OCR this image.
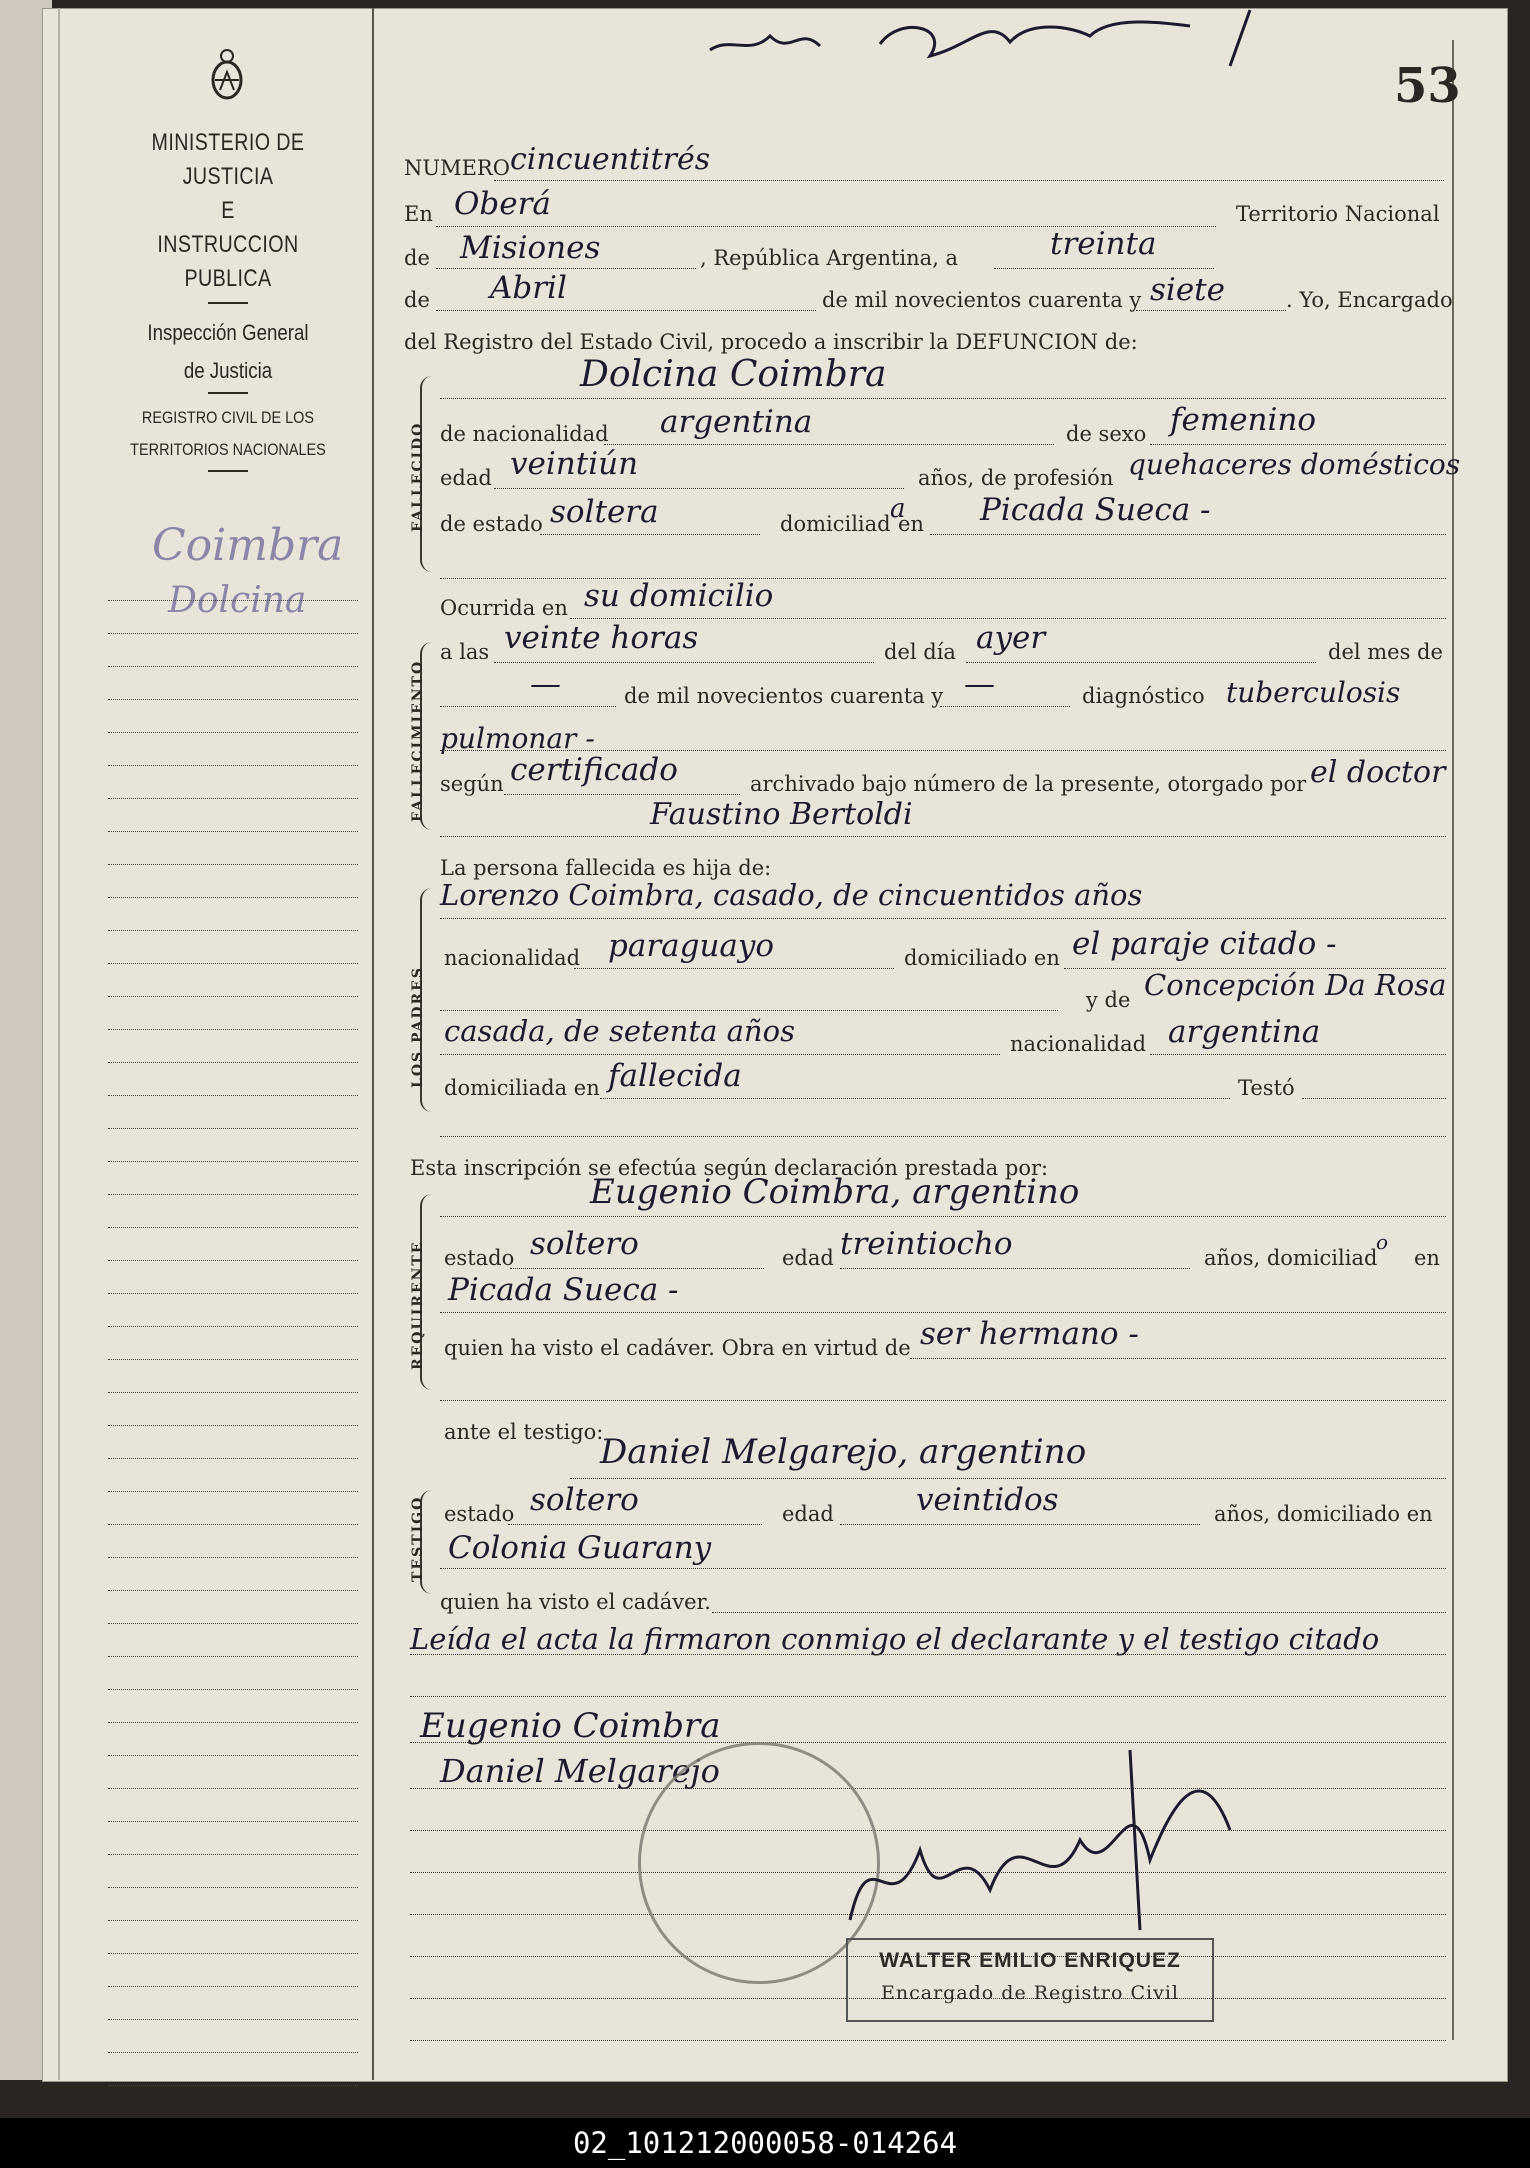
MINISTERIO DE JUSTICIA
E
INSTRUCCION PUBLICA
Inspección General
de Justicia
REGISTRO CIVIL DE LOS
TERRITORIOS NACIONALES
Coimbra
Dolcina
53
NUMERO cincuentitrés
En Oberá	Territorio Nacional
de Misiones	, República Argentina, a	treinta
de Abril	de mil novecientos cuarenta y siete	. Yo, Encargado
del Registro del Estado Civil, procedo a inscribir la DEFUNCION de:
FALLECIDO
Dolcina Coimbra
de nacionalidad argentina	de sexo femenino
edad veintiún	años, de profesión quehaceres domésticos
de estado soltera	domiciliad a
en Picada Sueca -
Ocurrida en su domicilio
FALLECIMIENTO
a las veinte horas	del día ayer	del mes de
—	de mil novecientos cuarenta y —	diagnóstico tuberculosis pulmonar -
según certificado	archivado bajo número de la presente, otorgado por el doctor Faustino Bertoldi
La persona fallecida es hija de:
LOS PADRES
Lorenzo Coimbra, casado, de cincuentidos años
nacionalidad paraguayo	domiciliado en el paraje citado -
y de Concepción Da Rosa
casada, de setenta años	nacionalidad argentina
domiciliada en fallecida	Testó
Esta inscripción se efectúa según declaración prestada por:
REQUIRENTE
Eugenio Coimbra, argentino
estado soltero	edad treintiocho	años, domiciliad
o
en
Picada Sueca -
quien ha visto el cadáver. Obra en virtud de ser hermano -
ante el testigo:
Daniel Melgarejo, argentino
TESTIGO estado soltero	edad	veintidos	años, domiciliado en
Colonia Guarany
quien ha visto el cadáver.
Leída el acta la firmaron conmigo el declarante y el testigo citado
Eugenio Coimbra
Daniel Melgarejo
WALTER EMILIO ENRIQUEZ
Encargado de Registro Civil
02_101212000058-014264
